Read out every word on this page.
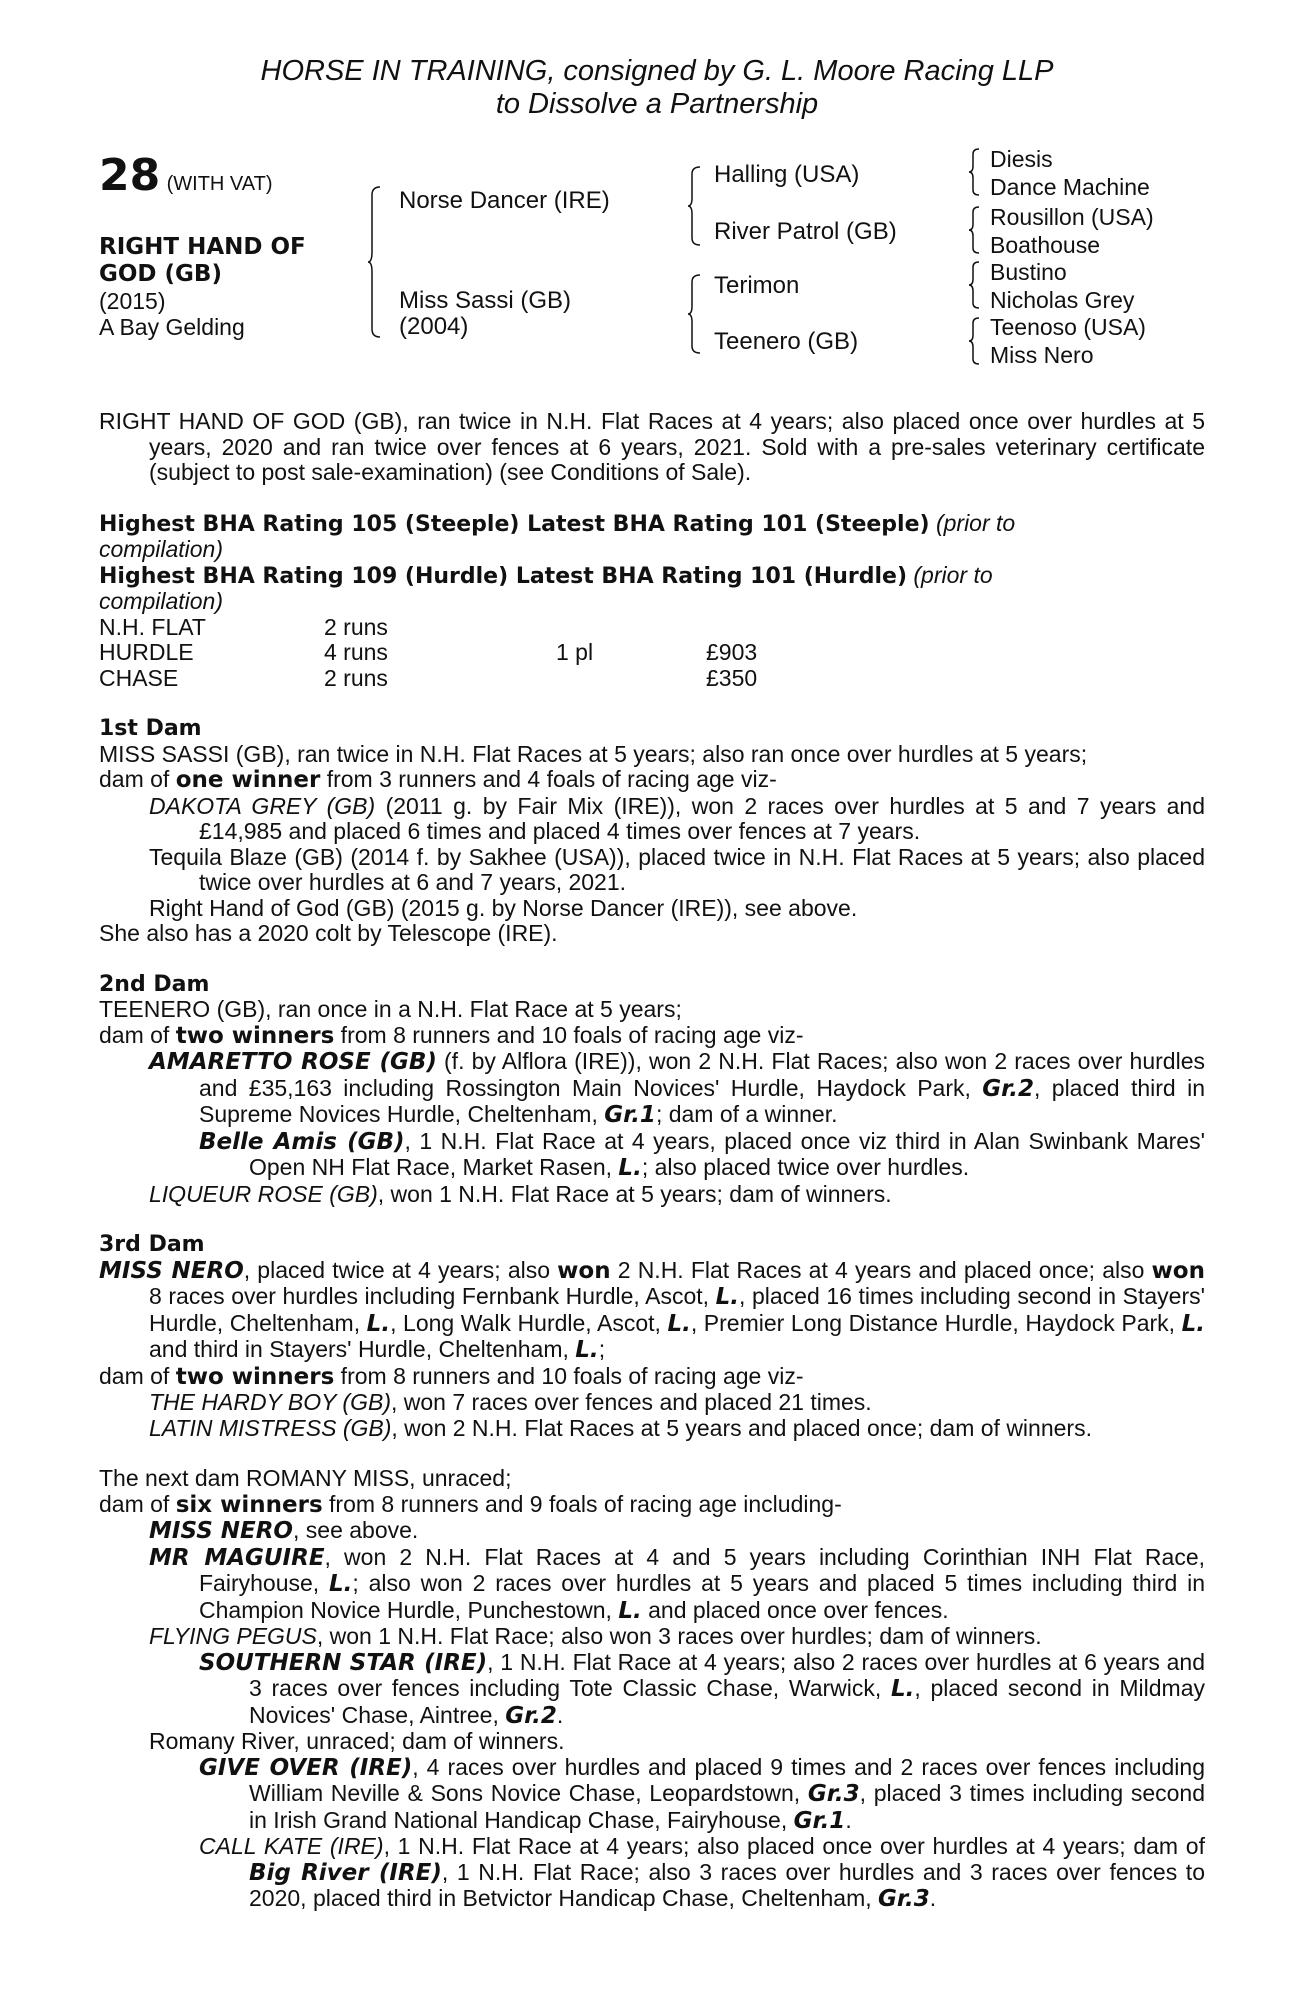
HORSE IN TRAINING, consigned by G. L. Moore Racing LLP
to Dissolve a Partnership
28 (WITH VAT)
RIGHT HAND OF GOD (GB)
(2015)
A Bay Gelding
Norse Dancer (IRE)
Miss Sassi (GB)
(2004)
Halling (USA)
River Patrol (GB)
Terimon
Teenero (GB)
Diesis
Dance Machine
Rousillon (USA)
Boathouse
Bustino
Nicholas Grey
Teenoso (USA)
Miss Nero

RIGHT HAND OF GOD (GB), ran twice in N.H. Flat Races at 4 years; also placed once over hurdles at 5 years, 2020 and ran twice over fences at 6 years, 2021. Sold with a pre-sales veterinary certificate (subject to post sale-examination) (see Conditions of Sale).

Highest BHA Rating 105 (Steeple) Latest BHA Rating 101 (Steeple) (prior to
compilation)
Highest BHA Rating 109 (Hurdle) Latest BHA Rating 101 (Hurdle) (prior to
compilation)
N.H. FLAT	2 runs		
HURDLE	4 runs	1 pl	£903
CHASE	2 runs		£350
1st Dam

MISS SASSI (GB), ran twice in N.H. Flat Races at 5 years; also ran once over hurdles at 5 years;

dam of one winner from 3 runners and 4 foals of racing age viz-

DAKOTA GREY (GB) (2011 g. by Fair Mix (IRE)), won 2 races over hurdles at 5 and 7 years and £14,985 and placed 6 times and placed 4 times over fences at 7 years.

Tequila Blaze (GB) (2014 f. by Sakhee (USA)), placed twice in N.H. Flat Races at 5 years; also placed twice over hurdles at 6 and 7 years, 2021.

Right Hand of God (GB) (2015 g. by Norse Dancer (IRE)), see above.

She also has a 2020 colt by Telescope (IRE).

2nd Dam

TEENERO (GB), ran once in a N.H. Flat Race at 5 years;

dam of two winners from 8 runners and 10 foals of racing age viz-

AMARETTO ROSE (GB) (f. by Alflora (IRE)), won 2 N.H. Flat Races; also won 2 races over hurdles and £35,163 including Rossington Main Novices' Hurdle, Haydock Park, Gr.2, placed third in Supreme Novices Hurdle, Cheltenham, Gr.1; dam of a winner.

Belle Amis (GB), 1 N.H. Flat Race at 4 years, placed once viz third in Alan Swinbank Mares' Open NH Flat Race, Market Rasen, L.; also placed twice over hurdles.

LIQUEUR ROSE (GB), won 1 N.H. Flat Race at 5 years; dam of winners.

3rd Dam

MISS NERO, placed twice at 4 years; also won 2 N.H. Flat Races at 4 years and placed once; also won 8 races over hurdles including Fernbank Hurdle, Ascot, L., placed 16 times including second in Stayers' Hurdle, Cheltenham, L., Long Walk Hurdle, Ascot, L., Premier Long Distance Hurdle, Haydock Park, L. and third in Stayers' Hurdle, Cheltenham, L.;

dam of two winners from 8 runners and 10 foals of racing age viz-

THE HARDY BOY (GB), won 7 races over fences and placed 21 times.

LATIN MISTRESS (GB), won 2 N.H. Flat Races at 5 years and placed once; dam of winners.

The next dam ROMANY MISS, unraced;

dam of six winners from 8 runners and 9 foals of racing age including-

MISS NERO, see above.

MR MAGUIRE, won 2 N.H. Flat Races at 4 and 5 years including Corinthian INH Flat Race, Fairyhouse, L.; also won 2 races over hurdles at 5 years and placed 5 times including third in Champion Novice Hurdle, Punchestown, L. and placed once over fences.

FLYING PEGUS, won 1 N.H. Flat Race; also won 3 races over hurdles; dam of winners.

SOUTHERN STAR (IRE), 1 N.H. Flat Race at 4 years; also 2 races over hurdles at 6 years and 3 races over fences including Tote Classic Chase, Warwick, L., placed second in Mildmay Novices' Chase, Aintree, Gr.2.

Romany River, unraced; dam of winners.

GIVE OVER (IRE), 4 races over hurdles and placed 9 times and 2 races over fences including William Neville & Sons Novice Chase, Leopardstown, Gr.3, placed 3 times including second in Irish Grand National Handicap Chase, Fairyhouse, Gr.1.

CALL KATE (IRE), 1 N.H. Flat Race at 4 years; also placed once over hurdles at 4 years; dam of Big River (IRE), 1 N.H. Flat Race; also 3 races over hurdles and 3 races over fences to 2020, placed third in Betvictor Handicap Chase, Cheltenham, Gr.3.
